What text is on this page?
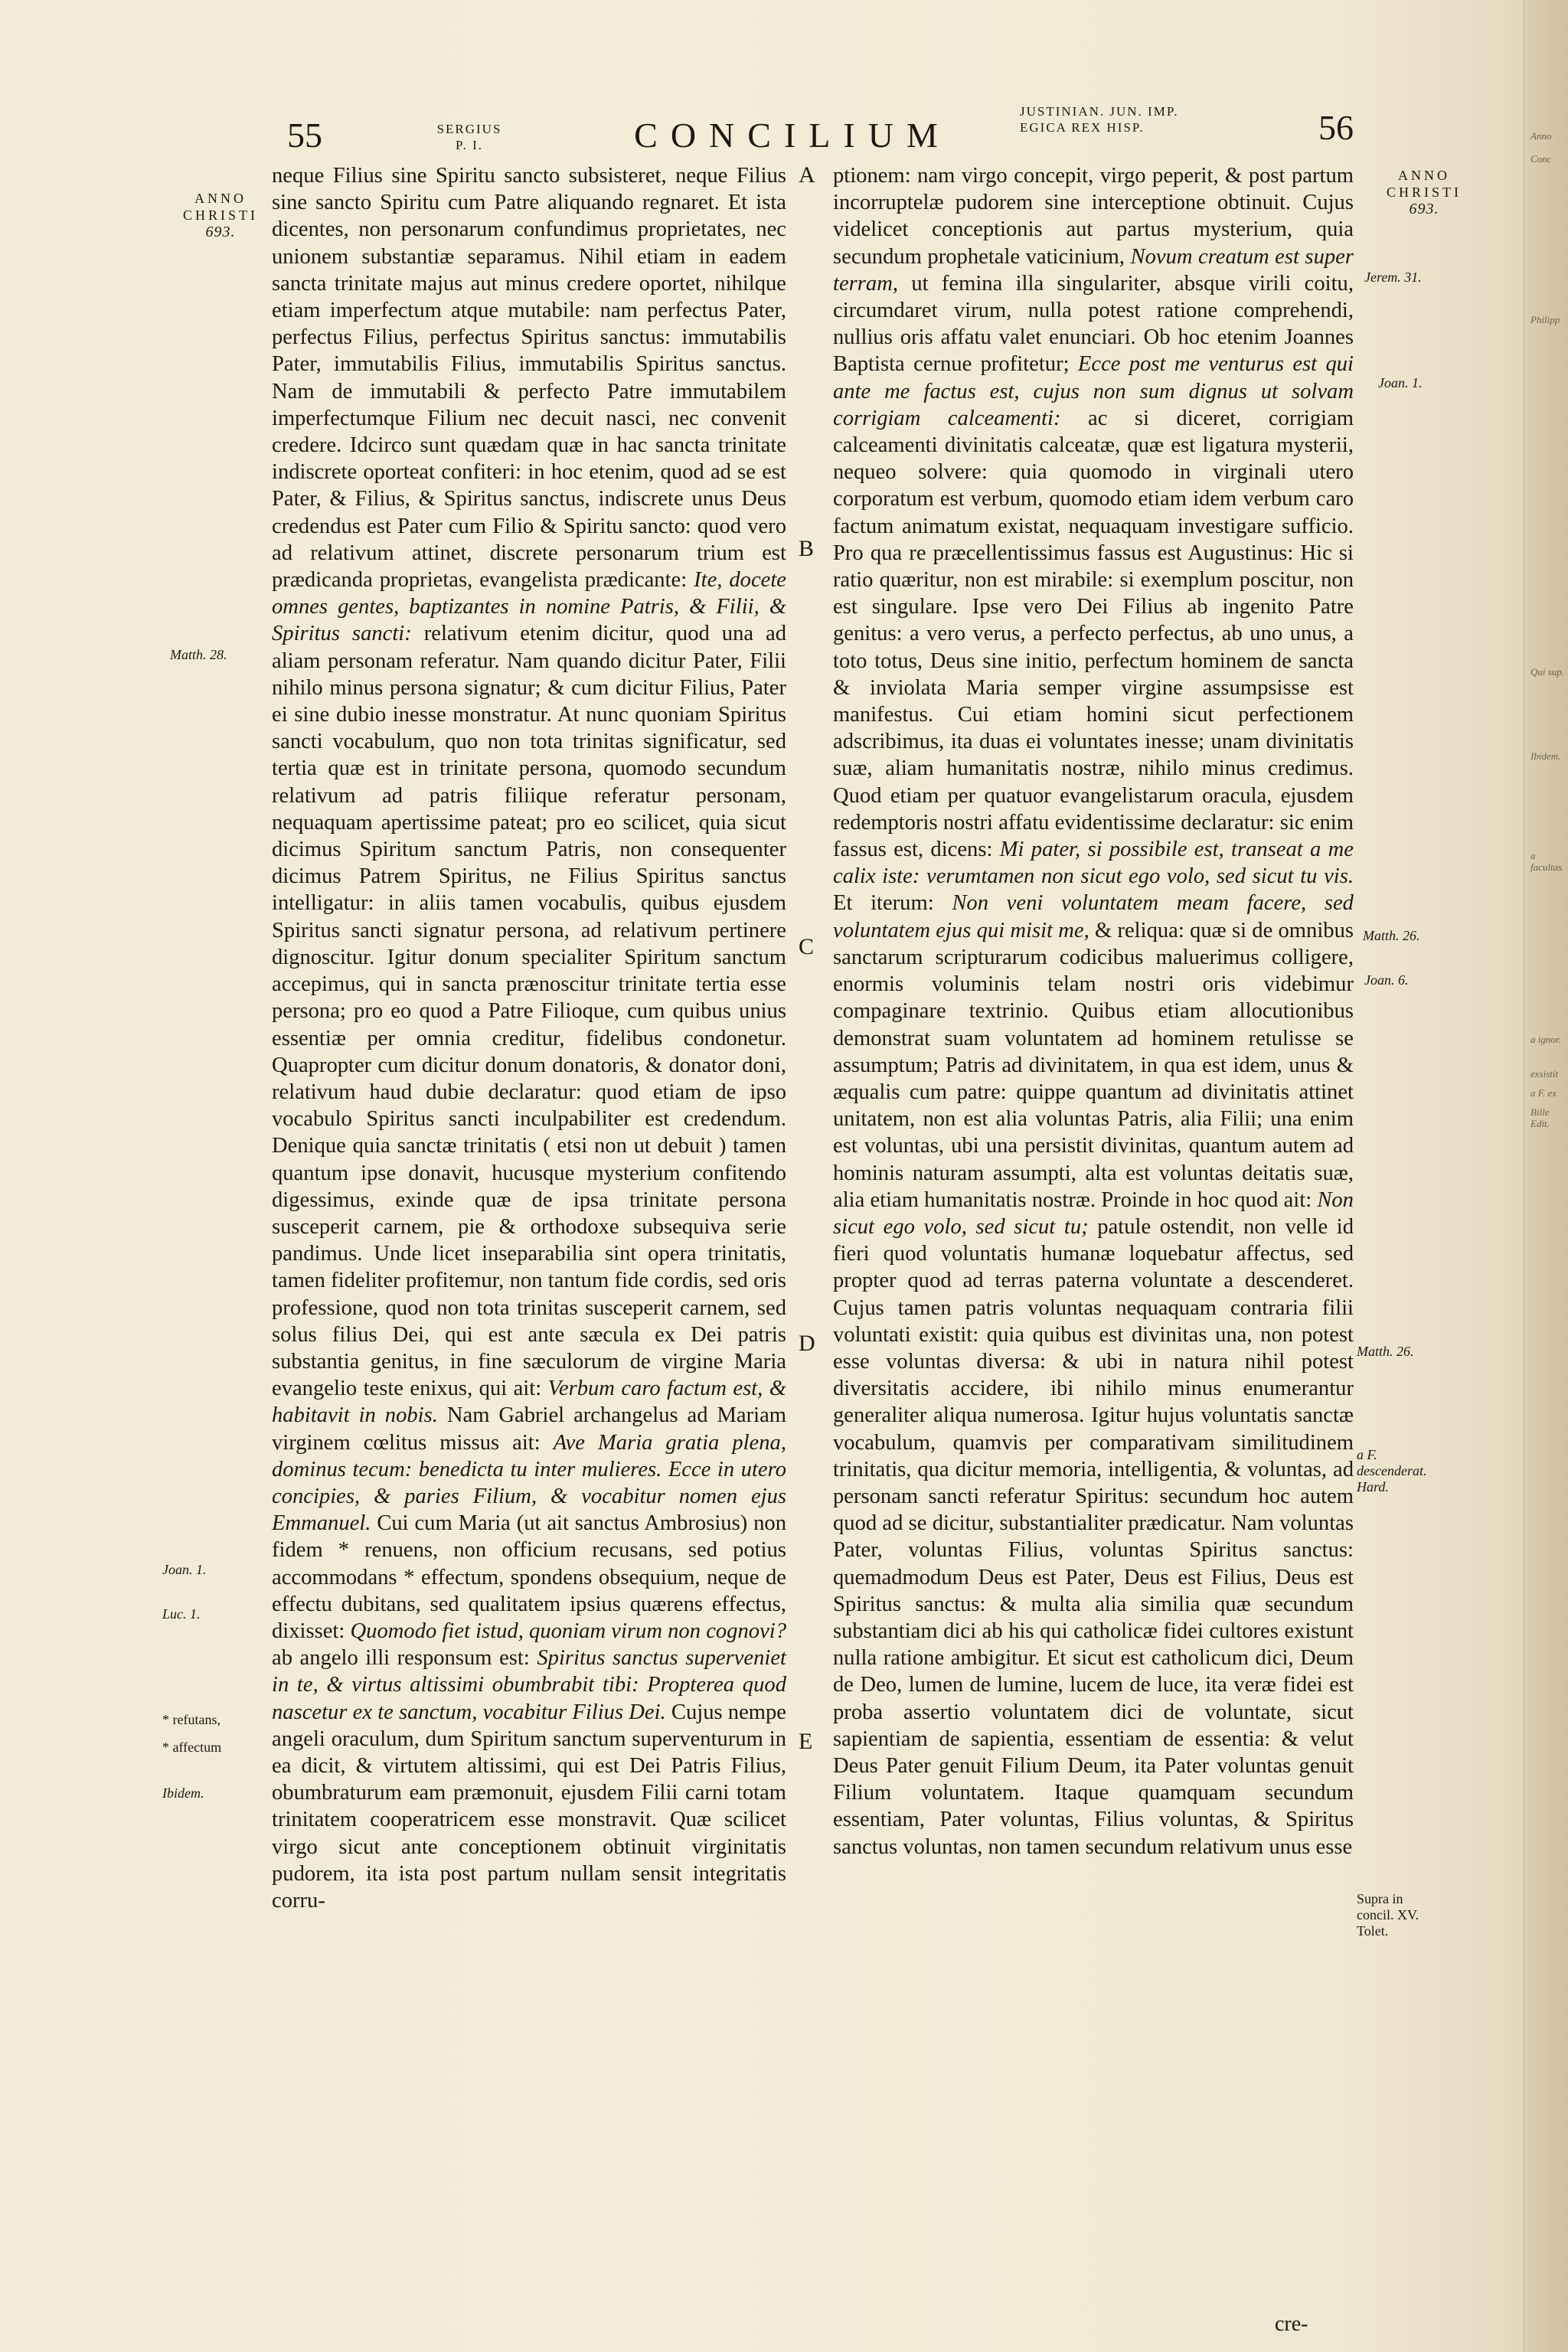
Anno
Conc
Philipp
Qui sup.
Ibidem.
a facultas
a ignor.
exsistit
a F. ex
Bille Edit.
55	SERGIUS
P. I.	CONCILIUM
JUSTINIAN. JUN. IMP.
EGICA REX HISP.	56
ANNO
CHRISTI
693.
ANNO
CHRISTI
693.
A
B
C
D
E
Matth. 28.
Joan. 1.
Luc. 1.
* refutans,
* affectum
Ibidem.
Jerem. 31.
Joan. 1.
Matth. 26.
Joan. 6.
Matth. 26.
a F. descenderat. Hard.
Supra in concil. XV. Tolet.

neque Filius sine Spiritu sancto subsisteret, neque Filius sine sancto Spiritu cum Patre aliquando regnaret. Et ista dicentes, non personarum confundimus proprietates, nec unionem substantiæ separamus. Nihil etiam in eadem sancta trinitate majus aut minus credere oportet, nihilque etiam imperfectum atque mutabile: nam perfectus Pater, perfectus Filius, perfectus Spiritus sanctus: immutabilis Pater, immutabilis Filius, immutabilis Spiritus sanctus. Nam de immutabili & perfecto Patre immutabilem imperfectumque Filium nec decuit nasci, nec convenit credere. Idcirco sunt quædam quæ in hac sancta trinitate indiscrete oporteat confiteri: in hoc etenim, quod ad se est Pater, & Filius, & Spiritus sanctus, indiscrete unus Deus credendus est Pater cum Filio & Spiritu sancto: quod vero ad relativum attinet, discrete personarum trium est prædicanda proprietas, evangelista prædicante: Ite, docete omnes gentes, baptizantes in nomine Patris, & Filii, & Spiritus sancti: relativum etenim dicitur, quod una ad aliam personam referatur. Nam quando dicitur Pater, Filii nihilo minus persona signatur; & cum dicitur Filius, Pater ei sine dubio inesse monstratur. At nunc quoniam Spiritus sancti vocabulum, quo non tota trinitas significatur, sed tertia quæ est in trinitate persona, quomodo secundum relativum ad patris filiique referatur personam, nequaquam apertissime pateat; pro eo scilicet, quia sicut dicimus Spiritum sanctum Patris, non consequenter dicimus Patrem Spiritus, ne Filius Spiritus sanctus intelligatur: in aliis tamen vocabulis, quibus ejusdem Spiritus sancti signatur persona, ad relativum pertinere dignoscitur. Igitur donum specialiter Spiritum sanctum accepimus, qui in sancta prænoscitur trinitate tertia esse persona; pro eo quod a Patre Filioque, cum quibus unius essentiæ per omnia creditur, fidelibus condonetur. Quapropter cum dicitur donum donatoris, & donator doni, relativum haud dubie declaratur: quod etiam de ipso vocabulo Spiritus sancti inculpabiliter est credendum. Denique quia sanctæ trinitatis ( etsi non ut debuit ) tamen quantum ipse donavit, hucusque mysterium confitendo digessimus, exinde quæ de ipsa trinitate persona susceperit carnem, pie & orthodoxe subsequiva serie pandimus. Unde licet inseparabilia sint opera trinitatis, tamen fideliter profitemur, non tantum fide cordis, sed oris professione, quod non tota trinitas susceperit carnem, sed solus filius Dei, qui est ante sæcula ex Dei patris substantia genitus, in fine sæculorum de virgine Maria evangelio teste enixus, qui ait: Verbum caro factum est, & habitavit in nobis. Nam Gabriel archangelus ad Mariam virginem cœlitus missus ait: Ave Maria gratia plena, dominus tecum: benedicta tu inter mulieres. Ecce in utero concipies, & paries Filium, & vocabitur nomen ejus Emmanuel. Cui cum Maria (ut ait sanctus Ambrosius) non fidem * renuens, non officium recusans, sed potius accommodans * effectum, spondens obsequium, neque de effectu dubitans, sed qualitatem ipsius quærens effectus, dixisset: Quomodo fiet istud, quoniam virum non cognovi? ab angelo illi responsum est: Spiritus sanctus superveniet in te, & virtus altissimi obumbrabit tibi: Propterea quod nascetur ex te sanctum, vocabitur Filius Dei. Cujus nempe angeli oraculum, dum Spiritum sanctum superventurum in ea dicit, & virtutem altissimi, qui est Dei Patris Filius, obumbraturum eam præmonuit, ejusdem Filii carni totam trinitatem cooperatricem esse monstravit. Quæ scilicet virgo sicut ante conceptionem obtinuit virginitatis pudorem, ita ista post partum nullam sensit integritatis corru-

ptionem: nam virgo concepit, virgo peperit, & post partum incorruptelæ pudorem sine interceptione obtinuit. Cujus videlicet conceptionis aut partus mysterium, quia secundum prophetale vaticinium, Novum creatum est super terram, ut femina illa singulariter, absque virili coitu, circumdaret virum, nulla potest ratione comprehendi, nullius oris affatu valet enunciari. Ob hoc etenim Joannes Baptista cernue profitetur; Ecce post me venturus est qui ante me factus est, cujus non sum dignus ut solvam corrigiam calceamenti: ac si diceret, corrigiam calceamenti divinitatis calceatæ, quæ est ligatura mysterii, nequeo solvere: quia quomodo in virginali utero corporatum est verbum, quomodo etiam idem verbum caro factum animatum existat, nequaquam investigare sufficio. Pro qua re præcellentissimus fassus est Augustinus: Hic si ratio quæritur, non est mirabile: si exemplum poscitur, non est singulare. Ipse vero Dei Filius ab ingenito Patre genitus: a vero verus, a perfecto perfectus, ab uno unus, a toto totus, Deus sine initio, perfectum hominem de sancta & inviolata Maria semper virgine assumpsisse est manifestus. Cui etiam homini sicut perfectionem adscribimus, ita duas ei voluntates inesse; unam divinitatis suæ, aliam humanitatis nostræ, nihilo minus credimus. Quod etiam per quatuor evangelistarum oracula, ejusdem redemptoris nostri affatu evidentissime declaratur: sic enim fassus est, dicens: Mi pater, si possibile est, transeat a me calix iste: verumtamen non sicut ego volo, sed sicut tu vis. Et iterum: Non veni voluntatem meam facere, sed voluntatem ejus qui misit me, & reliqua: quæ si de omnibus sanctarum scripturarum codicibus maluerimus colligere, enormis voluminis telam nostri oris videbimur compaginare textrinio. Quibus etiam allocutionibus demonstrat suam voluntatem ad hominem retulisse se assumptum; Patris ad divinitatem, in qua est idem, unus & æqualis cum patre: quippe quantum ad divinitatis attinet unitatem, non est alia voluntas Patris, alia Filii; una enim est voluntas, ubi una persistit divinitas, quantum autem ad hominis naturam assumpti, alta est voluntas deitatis suæ, alia etiam humanitatis nostræ. Proinde in hoc quod ait: Non sicut ego volo, sed sicut tu; patule ostendit, non velle id fieri quod voluntatis humanæ loquebatur affectus, sed propter quod ad terras paterna voluntate a descenderet. Cujus tamen patris voluntas nequaquam contraria filii voluntati existit: quia quibus est divinitas una, non potest esse voluntas diversa: & ubi in natura nihil potest diversitatis accidere, ibi nihilo minus enumerantur generaliter aliqua numerosa. Igitur hujus voluntatis sanctæ vocabulum, quamvis per comparativam similitudinem trinitatis, qua dicitur memoria, intelligentia, & voluntas, ad personam sancti referatur Spiritus: secundum hoc autem quod ad se dicitur, substantialiter prædicatur. Nam voluntas Pater, voluntas Filius, voluntas Spiritus sanctus: quemadmodum Deus est Pater, Deus est Filius, Deus est Spiritus sanctus: & multa alia similia quæ secundum substantiam dici ab his qui catholicæ fidei cultores existunt nulla ratione ambigitur. Et sicut est catholicum dici, Deum de Deo, lumen de lumine, lucem de luce, ita veræ fidei est proba assertio voluntatem dici de voluntate, sicut sapientiam de sapientia, essentiam de essentia: & velut Deus Pater genuit Filium Deum, ita Pater voluntas genuit Filium voluntatem. Itaque quamquam secundum essentiam, Pater voluntas, Filius voluntas, & Spiritus sanctus voluntas, non tamen secundum relativum unus esse

cre-
